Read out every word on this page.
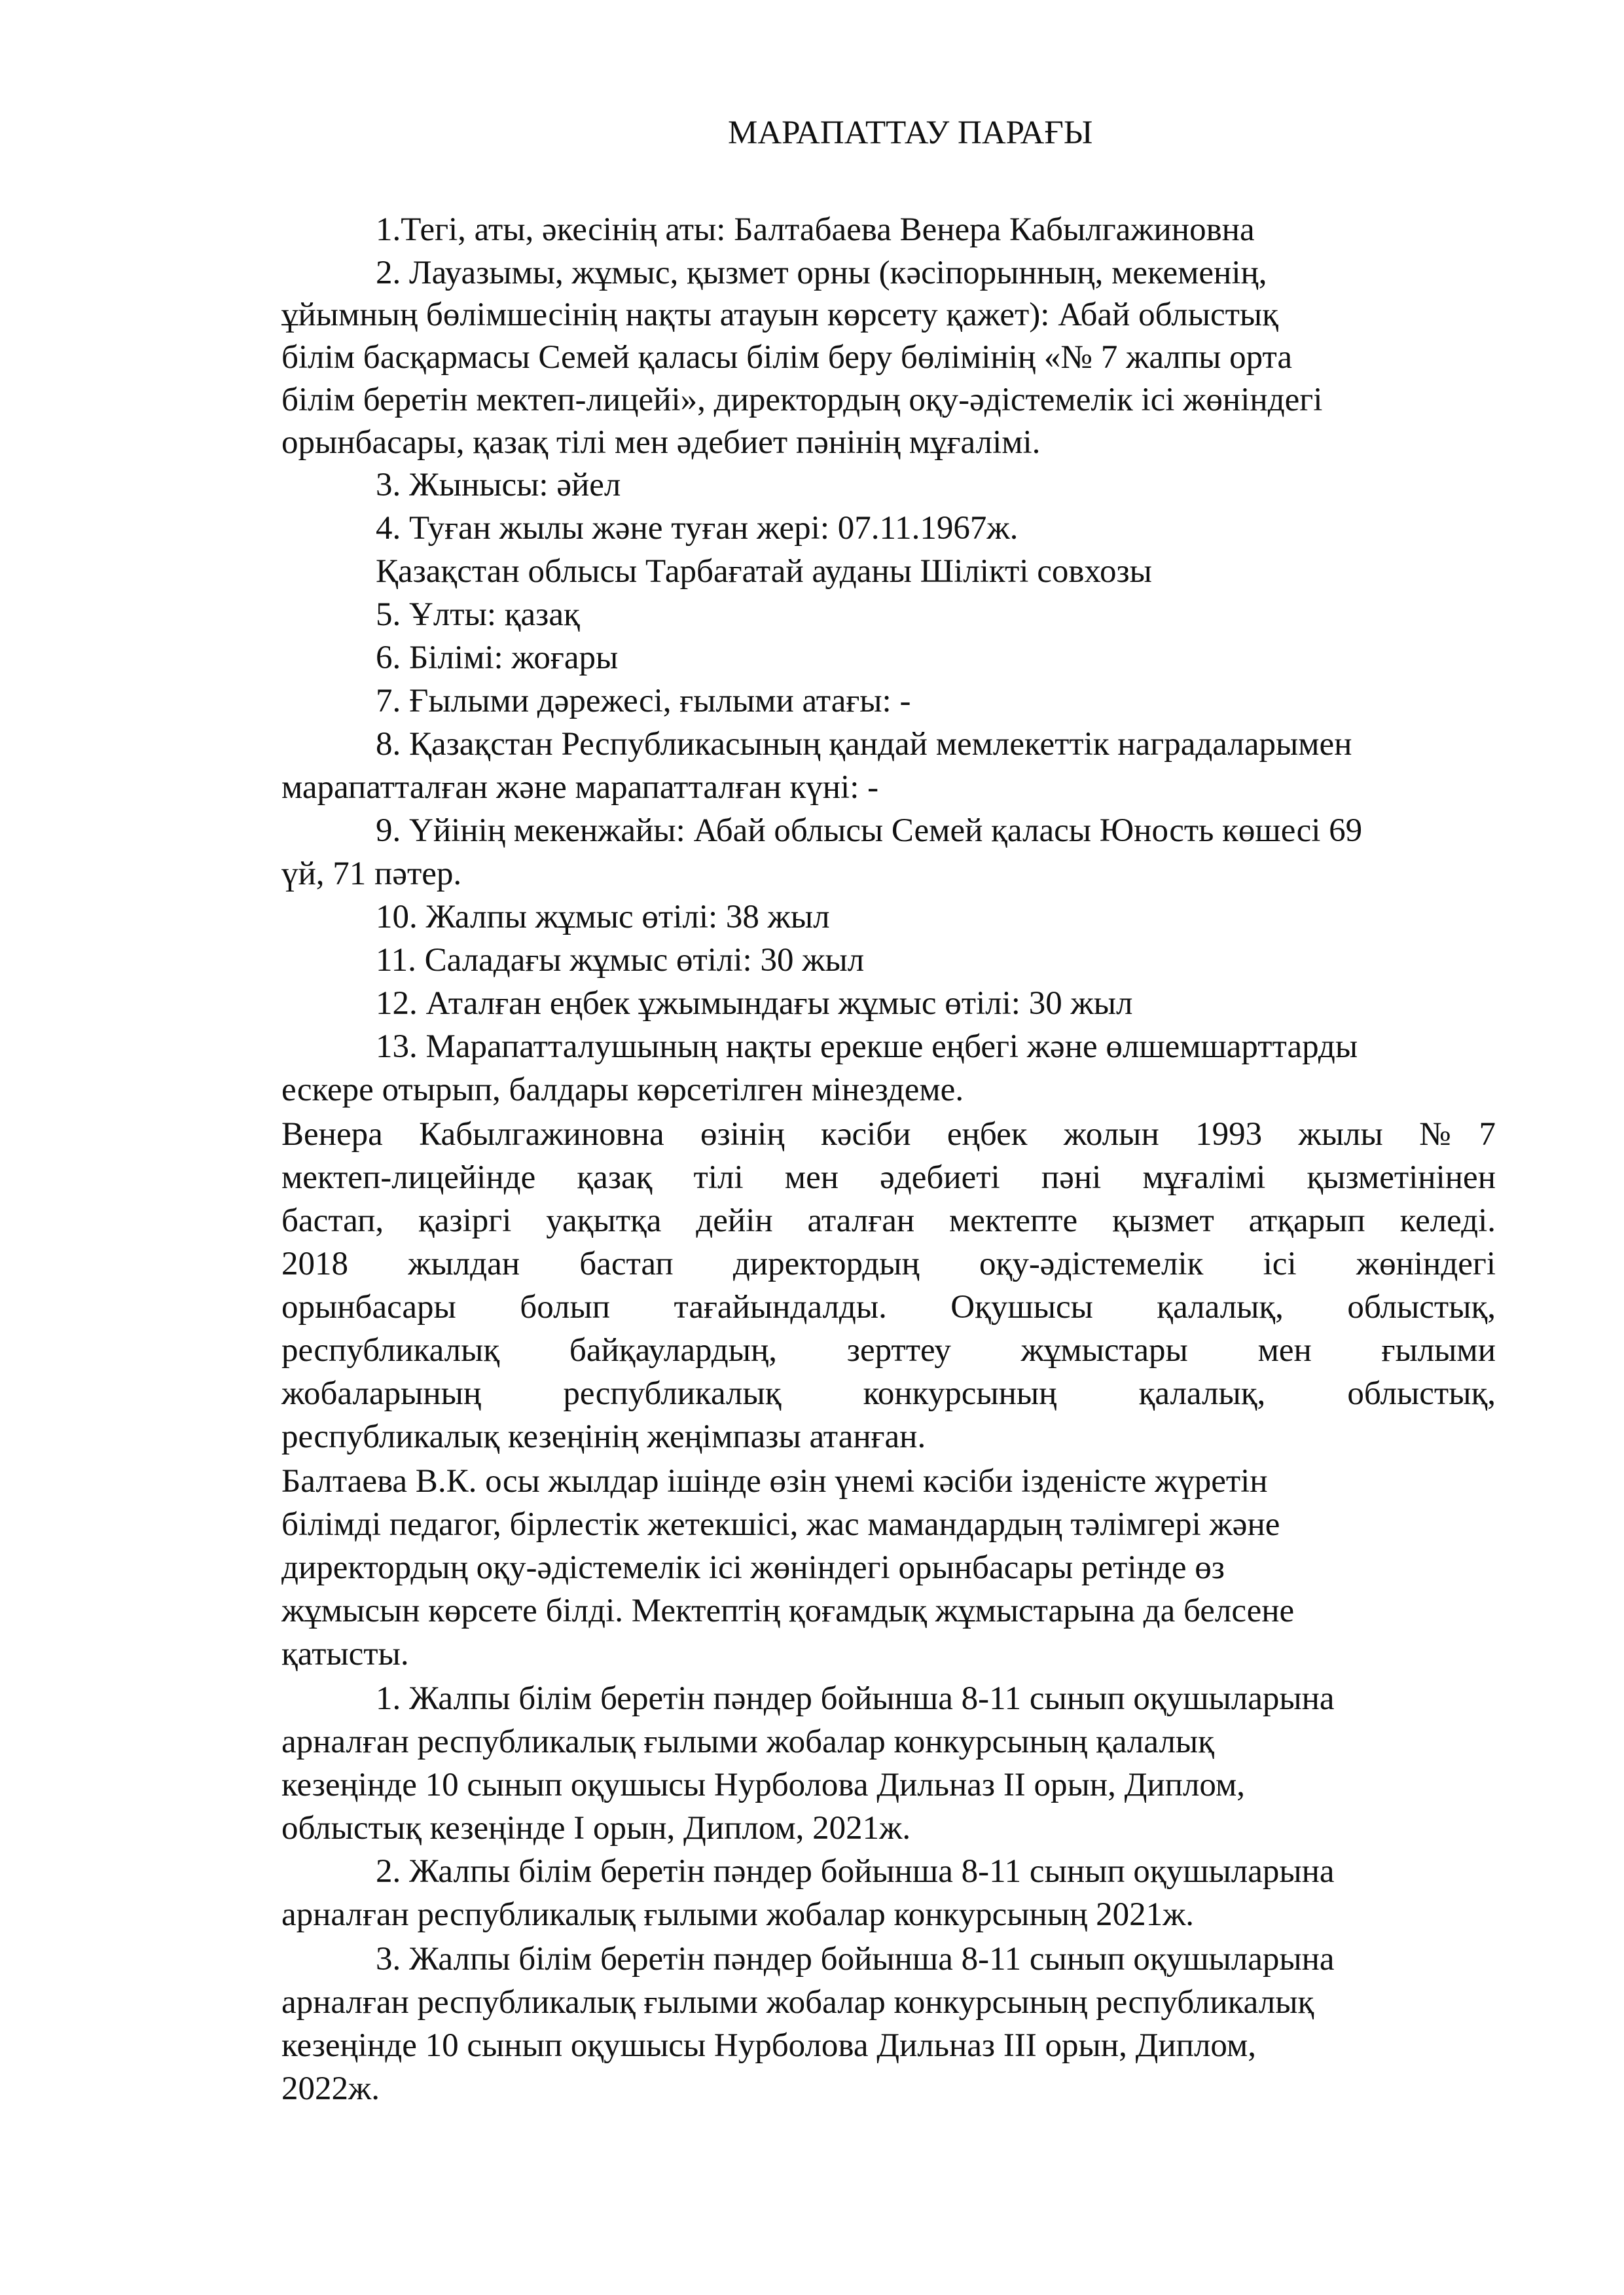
МАРАПАТТАУ ПАРАҒЫ
1.Тегі, аты, әкесінің аты: Балтабаева Венера Кабылгажиновна
2. Лауазымы, жұмыс, қызмет орны (кәсіпорынның, мекеменің,
ұйымның бөлімшесінің нақты атауын көрсету қажет): Абай облыстық
білім басқармасы Семей қаласы білім беру бөлімінің «№ 7 жалпы орта
білім беретін мектеп-лицейі», директордың оқу-әдістемелік ісі жөніндегі
орынбасары, қазақ тілі мен әдебиет пәнінің мұғалімі.
3. Жынысы: әйел
4. Туған жылы және туған жері: 07.11.1967ж.
Қазақстан облысы Тарбағатай ауданы Шілікті совхозы
5. Ұлты: қазақ
6. Білімі: жоғары
7. Ғылыми дәрежесі, ғылыми атағы: -
8. Қазақстан Республикасының қандай мемлекеттік наградаларымен
марапатталған және марапатталған күні: -
9. Үйінің мекенжайы: Абай облысы Семей қаласы Юность көшесі 69
үй, 71 пәтер.
10. Жалпы жұмыс өтілі: 38 жыл
11. Саладағы жұмыс өтілі: 30 жыл
12. Аталған еңбек ұжымындағы жұмыс өтілі: 30 жыл
13. Марапатталушының нақты ерекше еңбегі және өлшемшарттарды
ескере отырып, балдары көрсетілген мінездеме.
Венера Кабылгажиновна өзінің кәсіби еңбек жолын 1993 жылы №7
мектеп-лицейінде қазақ тілі мен әдебиеті пәні мұғалімі қызметінінен
бастап, қазіргі уақытқа дейін аталған мектепте қызмет атқарып келеді.
2018 жылдан бастап директордың оқу-әдістемелік ісі жөніндегі
орынбасары болып тағайындалды. Оқушысы қалалық, облыстық,
республикалық байқаулардың, зерттеу жұмыстары мен ғылыми
жобаларының республикалық конкурсының қалалық, облыстық,
республикалық кезеңінің жеңімпазы атанған.
Балтаева В.К. осы жылдар ішінде өзін үнемі кәсіби ізденісте жүретін
білімді педагог, бірлестік жетекшісі, жас мамандардың тәлімгері және
директордың оқу-әдістемелік ісі жөніндегі орынбасары ретінде өз
жұмысын көрсете білді. Мектептің қоғамдық жұмыстарына да белсене
қатысты.
1. Жалпы білім беретін пәндер бойынша 8-11 сынып оқушыларына
арналған республикалық ғылыми жобалар конкурсының қалалық
кезеңінде 10 сынып оқушысы Нурболова Дильназ II орын, Диплом,
облыстық кезеңінде I орын, Диплом, 2021ж.
2. Жалпы білім беретін пәндер бойынша 8-11 сынып оқушыларына
арналған республикалық ғылыми жобалар конкурсының 2021ж.
3. Жалпы білім беретін пәндер бойынша 8-11 сынып оқушыларына
арналған республикалық ғылыми жобалар конкурсының республикалық
кезеңінде 10 сынып оқушысы Нурболова Дильназ III орын, Диплом,
2022ж.
